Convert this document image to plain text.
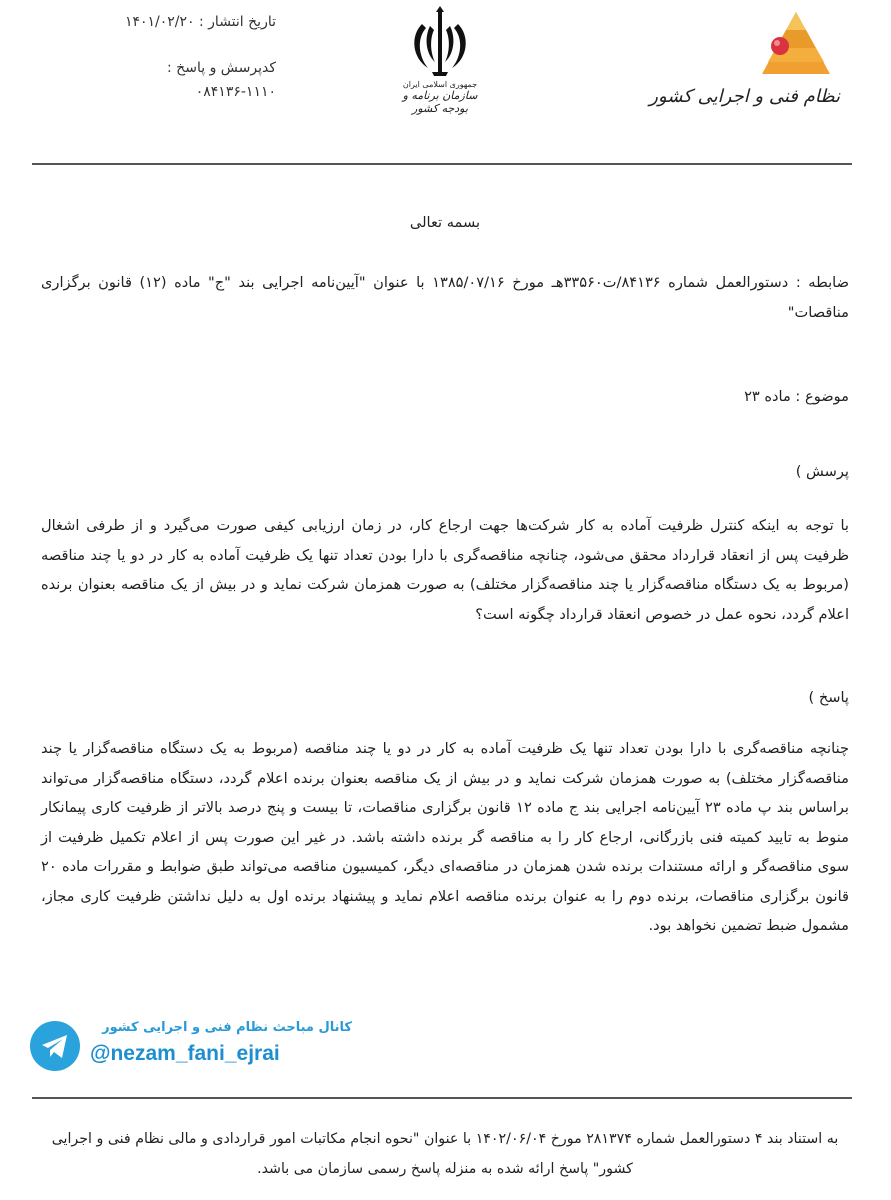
تاریخ انتشار : ۱۴۰۱/۰۲/۲۰
کدپرسش و پاسخ :
۰۸۴۱۳۶-۱۱۱۰	جمهوری اسلامی ایران
سازمان برنامه و بودجه کشور
نظام فنی و اجرایی کشور
بسمه تعالی
ضابطه : دستورالعمل شماره ۸۴۱۳۶/ت۳۳۵۶۰هـ مورخ ۱۳۸۵/۰۷/۱۶ با عنوان "آیین‌نامه اجرایی بند "ج" ماده (۱۲) قانون برگزاری مناقصات"
موضوع : ماده ۲۳
پرسش )
با توجه به اینکه کنترل ظرفیت آماده به کار شرکت‌ها جهت ارجاع کار، در زمان ارزیابی کیفی صورت می‌گیرد و از طرفی اشغال ظرفیت پس از انعقاد قرارداد محقق می‌شود، چنانچه مناقصه‌گری با دارا بودن تعداد تنها یک ظرفیت آماده به کار در دو یا چند مناقصه (مربوط به یک دستگاه مناقصه‌گزار یا چند مناقصه‌گزار مختلف) به صورت همزمان شرکت نماید و در بیش از یک مناقصه بعنوان برنده اعلام گردد، نحوه عمل در خصوص انعقاد قرارداد چگونه است؟
پاسخ )
چنانچه مناقصه‌گری با دارا بودن تعداد تنها یک ظرفیت آماده به کار در دو یا چند مناقصه (مربوط به یک دستگاه مناقصه‌گزار یا چند مناقصه‌گزار مختلف) به صورت همزمان شرکت نماید و در بیش از یک مناقصه بعنوان برنده اعلام گردد، دستگاه مناقصه‌گزار می‌تواند براساس بند پ ماده ۲۳ آیین‌نامه اجرایی بند ج ماده ۱۲ قانون برگزاری مناقصات، تا بیست و پنج درصد بالاتر از ظرفیت کاری پیمانکار منوط به تایید کمیته فنی بازرگانی، ارجاع کار را به مناقصه گر برنده داشته باشد. در غیر این صورت پس از اعلام تکمیل ظرفیت از سوی مناقصه‌گر و ارائه مستندات برنده شدن همزمان در مناقصه‌ای دیگر، کمیسیون مناقصه می‌تواند طبق ضوابط و مقررات ماده ۲۰ قانون برگزاری مناقصات، برنده دوم را به عنوان برنده مناقصه اعلام نماید و پیشنهاد برنده اول به دلیل نداشتن ظرفیت کاری مجاز، مشمول ضبط تضمین نخواهد بود.
کانال مباحث نظام فنی و اجرایی کشور
@nezam_fani_ejrai
به استناد بند ۴ دستورالعمل شماره ۲۸۱۳۷۴ مورخ ۱۴۰۲/۰۶/۰۴ با عنوان "نحوه انجام مکاتبات امور قراردادی و مالی نظام فنی و اجرایی کشور" پاسخ ارائه شده به منزله پاسخ رسمی سازمان می باشد.
